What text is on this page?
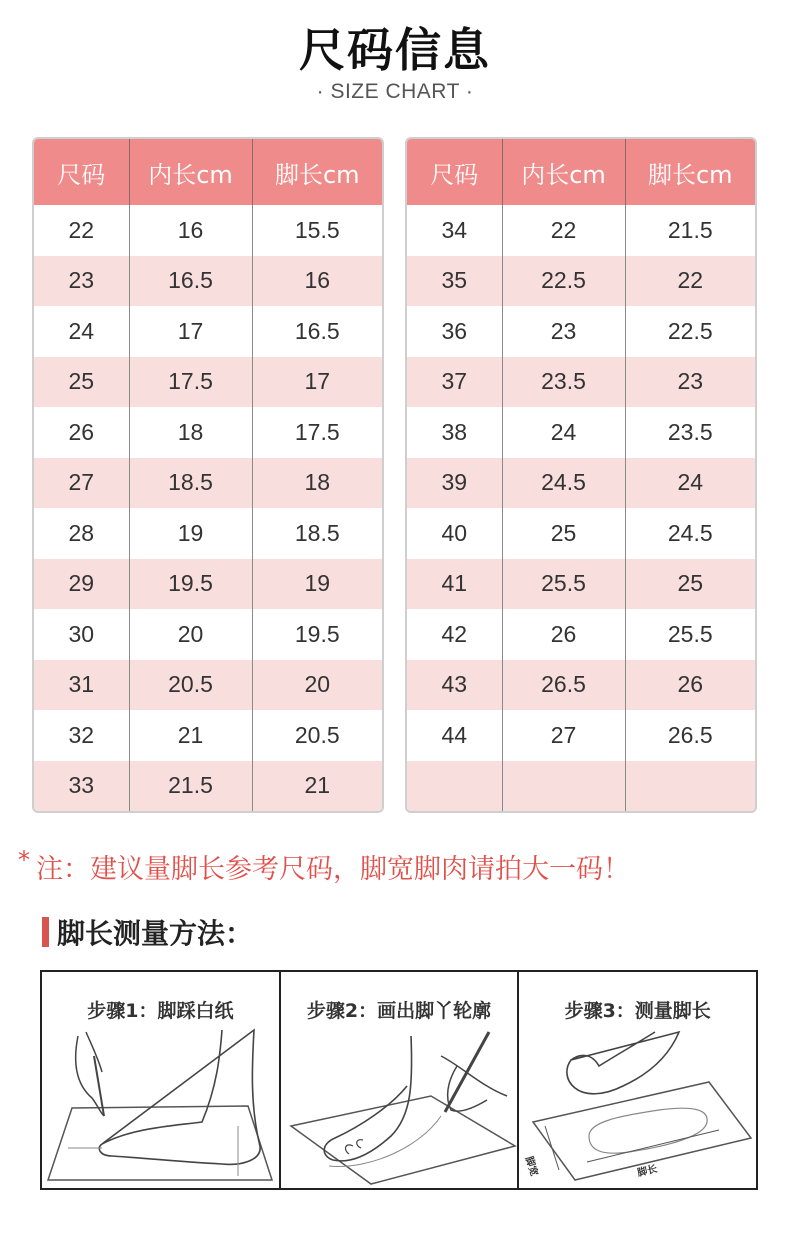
尺码信息
· SIZE CHART ·
尺码	内长cm	脚长cm
22	16	15.5
23	16.5	16
24	17	16.5
25	17.5	17
26	18	17.5
27	18.5	18
28	19	18.5
29	19.5	19
30	20	19.5
31	20.5	20
32	21	20.5
33	21.5	21
尺码	内长cm	脚长cm
34	22	21.5
35	22.5	22
36	23	22.5
37	23.5	23
38	24	23.5
39	24.5	24
40	25	24.5
41	25.5	25
42	26	25.5
43	26.5	26
44	27	26.5

* 注：建议量脚长参考尺码，脚宽脚肉请拍大一码！
脚长测量方法：
步骤1：脚踩白纸	步骤2：画出脚丫轮廓	步骤3：测量脚长
脚宽	脚长
